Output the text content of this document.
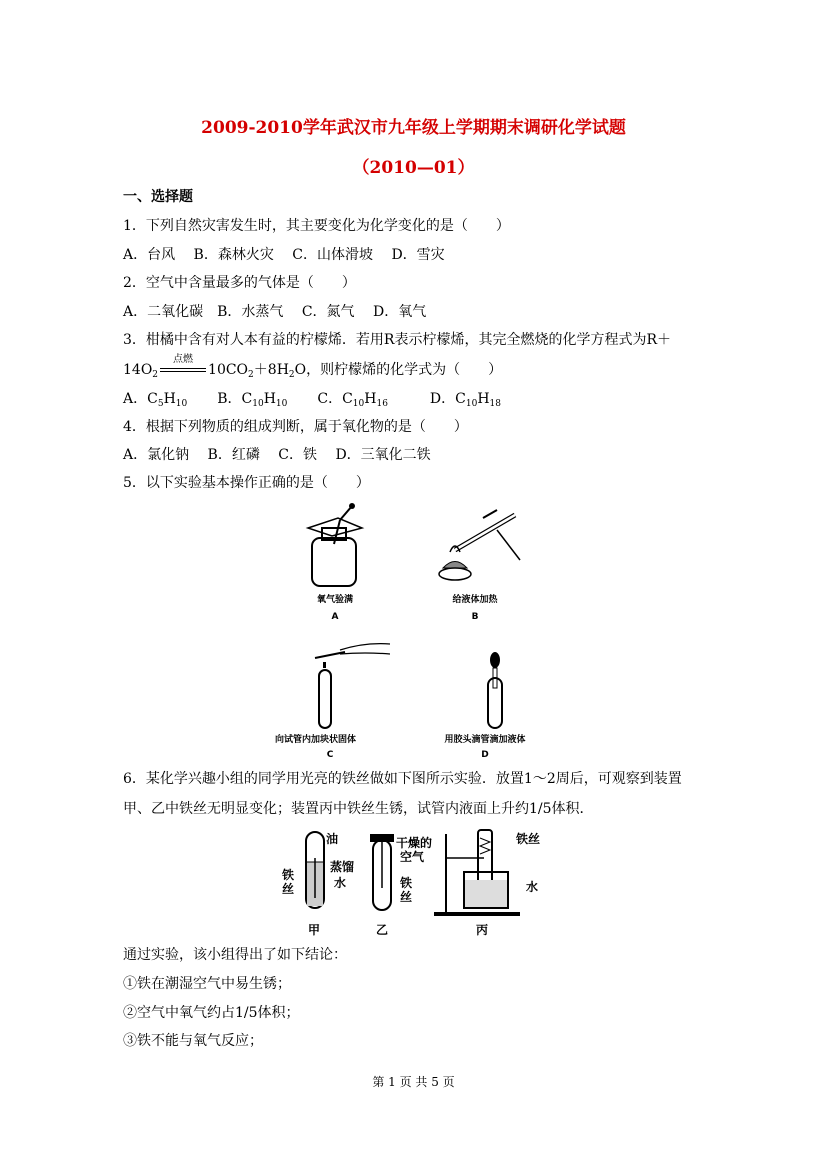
2009-2010学年武汉市九年级上学期期末调研化学试题
（2010—01）
一、选择题
1．下列自然灾害发生时，其主要变化为化学变化的是（　　）
A．台风　 B．森林火灾　 C．山体滑坡　 D．雪灾
2．空气中含量最多的气体是（　　）
A．二氧化碳　B．水蒸气　 C．氮气　 D．氧气
3．柑橘中含有对人本有益的柠檬烯．若用R表示柠檬烯，其完全燃烧的化学方程式为R＋
$14O_2$
点燃
$10CO_2+8H_2O$，则柠檬烯的化学式为（　　）
A．$C_5H_{10}$ B．$C_{10}H_{10}$ C．$C_{10}H_{16}$	D．$C_{10}H_{18}$
4．根据下列物质的组成判断，属于氧化物的是（　　）
A．氯化钠　 B．红磷　 C．铁　 D．三氧化二铁
5．以下实验基本操作正确的是（　　）
氧气验满
A
给液体加热
B
向试管内加块状固体
C
用胶头滴管滴加液体
D
6．某化学兴趣小组的同学用光亮的铁丝做如下图所示实验．放置1～2周后，可观察到装置
甲、乙中铁丝无明显变化；装置丙中铁丝生锈，试管内液面上升约1/5体积．
油
铁丝
蒸馏
水
干燥的
空气
铁丝
铁丝
水
甲	乙	丙
通过实验，该小组得出了如下结论：
①铁在潮湿空气中易生锈；
②空气中氧气约占1/5体积；
③铁不能与氧气反应；
第 1 页 共 5 页
